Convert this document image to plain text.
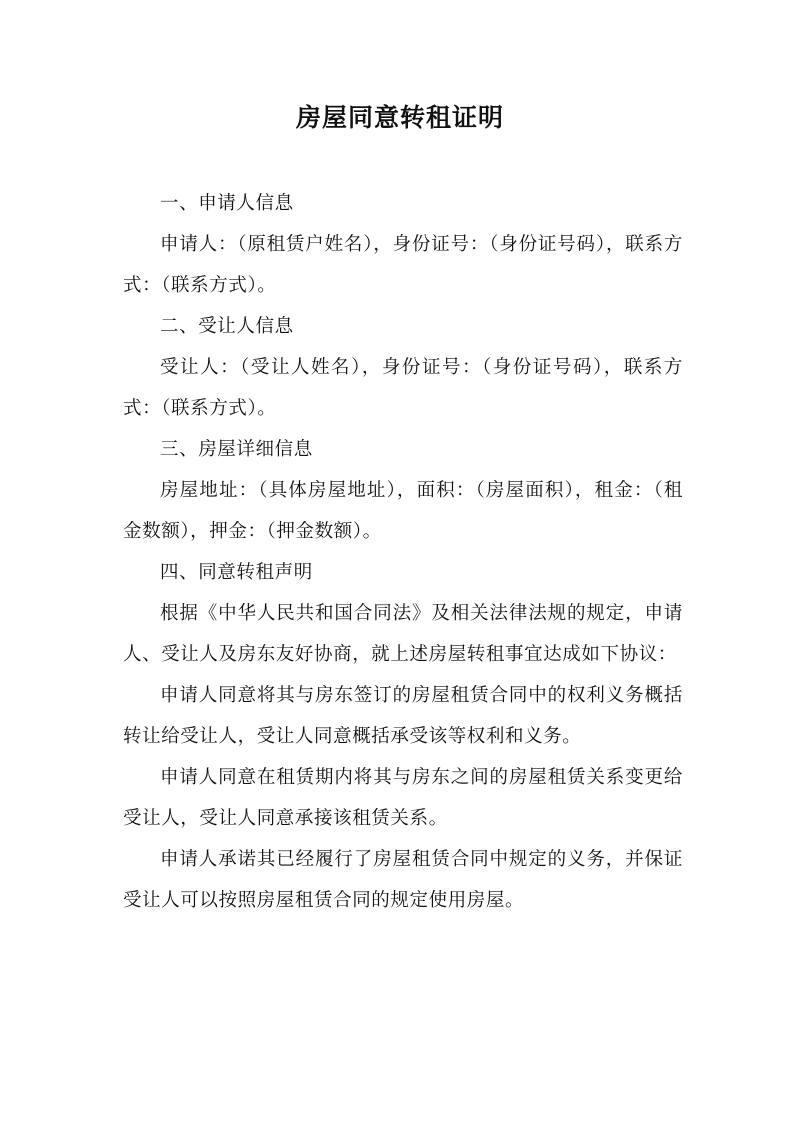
房屋同意转租证明

一、申请人信息

申请人：（原租赁户姓名），身份证号：（身份证号码），联系方式：（联系方式）。

二、受让人信息

受让人：（受让人姓名），身份证号：（身份证号码），联系方式：（联系方式）。

三、房屋详细信息

房屋地址：（具体房屋地址），面积：（房屋面积），租金：（租金数额），押金：（押金数额）。

四、同意转租声明

根据《中华人民共和国合同法》及相关法律法规的规定，申请人、受让人及房东友好协商，就上述房屋转租事宜达成如下协议：

申请人同意将其与房东签订的房屋租赁合同中的权利义务概括转让给受让人，受让人同意概括承受该等权利和义务。

申请人同意在租赁期内将其与房东之间的房屋租赁关系变更给受让人，受让人同意承接该租赁关系。

申请人承诺其已经履行了房屋租赁合同中规定的义务，并保证受让人可以按照房屋租赁合同的规定使用房屋。
